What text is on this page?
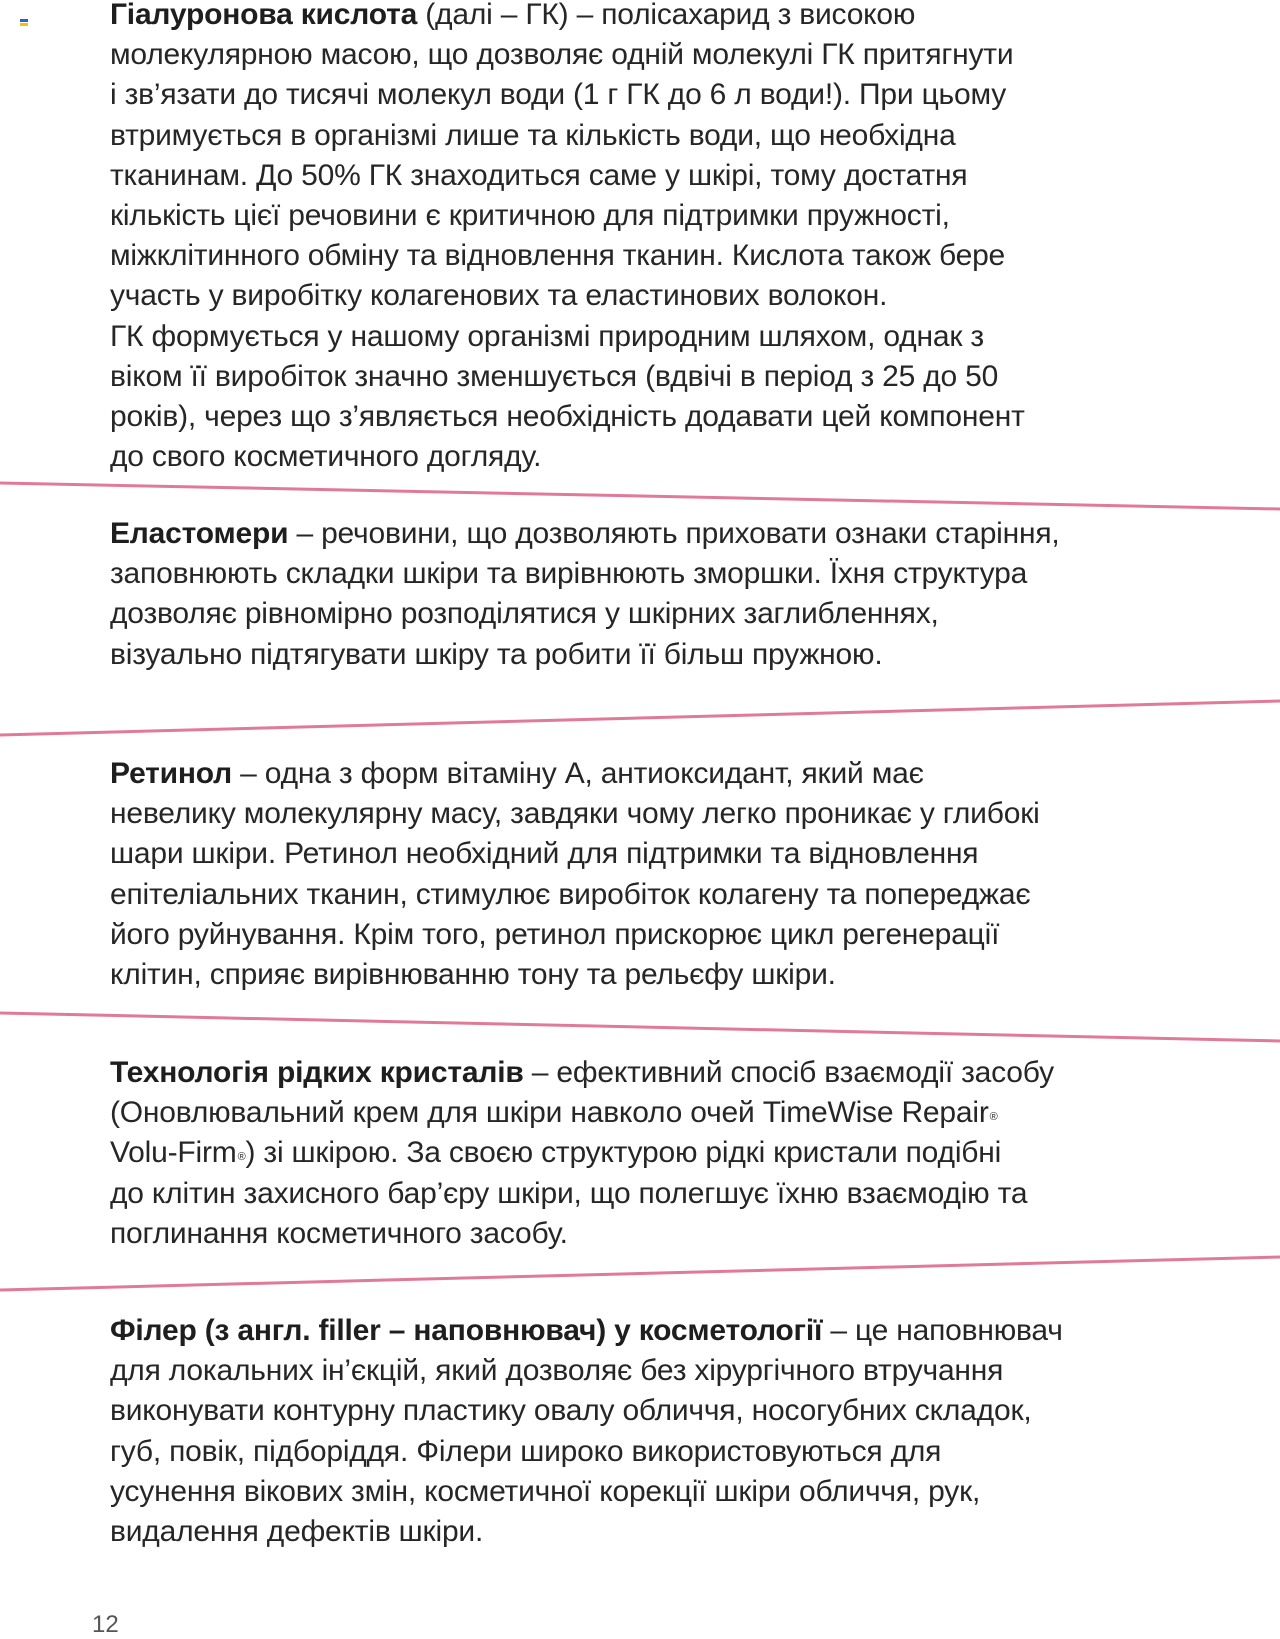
Гіалуронова кислота (далі – ГК) – полісахарид з високою
молекулярною масою, що дозволяє одній молекулі ГК притягнути
і зв’язати до тисячі молекул води (1 г ГК до 6 л води!). При цьому
втримується в організмі лише та кількість води, що необхідна
тканинам. До 50% ГК знаходиться саме у шкірі, тому достатня
кількість цієї речовини є критичною для підтримки пружності,
міжклітинного обміну та відновлення тканин. Кислота також бере
участь у виробітку колагенових та еластинових волокон.
ГК формується у нашому організмі природним шляхом, однак з
віком її виробіток значно зменшується (вдвічі в період з 25 до 50
років), через що з’являється необхідність додавати цей компонент
до свого косметичного догляду.
Еластомери – речовини, що дозволяють приховати ознаки старіння,
заповнюють складки шкіри та вирівнюють зморшки. Їхня структура
дозволяє рівномірно розподілятися у шкірних заглибленнях,
візуально підтягувати шкіру та робити її більш пружною.
Ретинол – одна з форм вітаміну А, антиоксидант, який має
невелику молекулярну масу, завдяки чому легко проникає у глибокі
шари шкіри. Ретинол необхідний для підтримки та відновлення
епітеліальних тканин, стимулює виробіток колагену та попереджає
його руйнування. Крім того, ретинол прискорює цикл регенерації
клітин, сприяє вирівнюванню тону та рельєфу шкіри.
Технологія рідких кристалів – ефективний спосіб взаємодії засобу
(Оновлювальний крем для шкіри навколо очей TimeWise Repair®
Volu-Firm®) зі шкірою. За своєю структурою рідкі кристали подібні
до клітин захисного бар’єру шкіри, що полегшує їхню взаємодію та
поглинання косметичного засобу.
Філер (з англ. filler – наповнювач) у косметології – це наповнювач
для локальних ін’єкцій, який дозволяє без хірургічного втручання
виконувати контурну пластику овалу обличчя, носогубних складок,
губ, повік, підборіддя. Філери широко використовуються для
усунення вікових змін, косметичної корекції шкіри обличчя, рук,
видалення дефектів шкіри.
12
